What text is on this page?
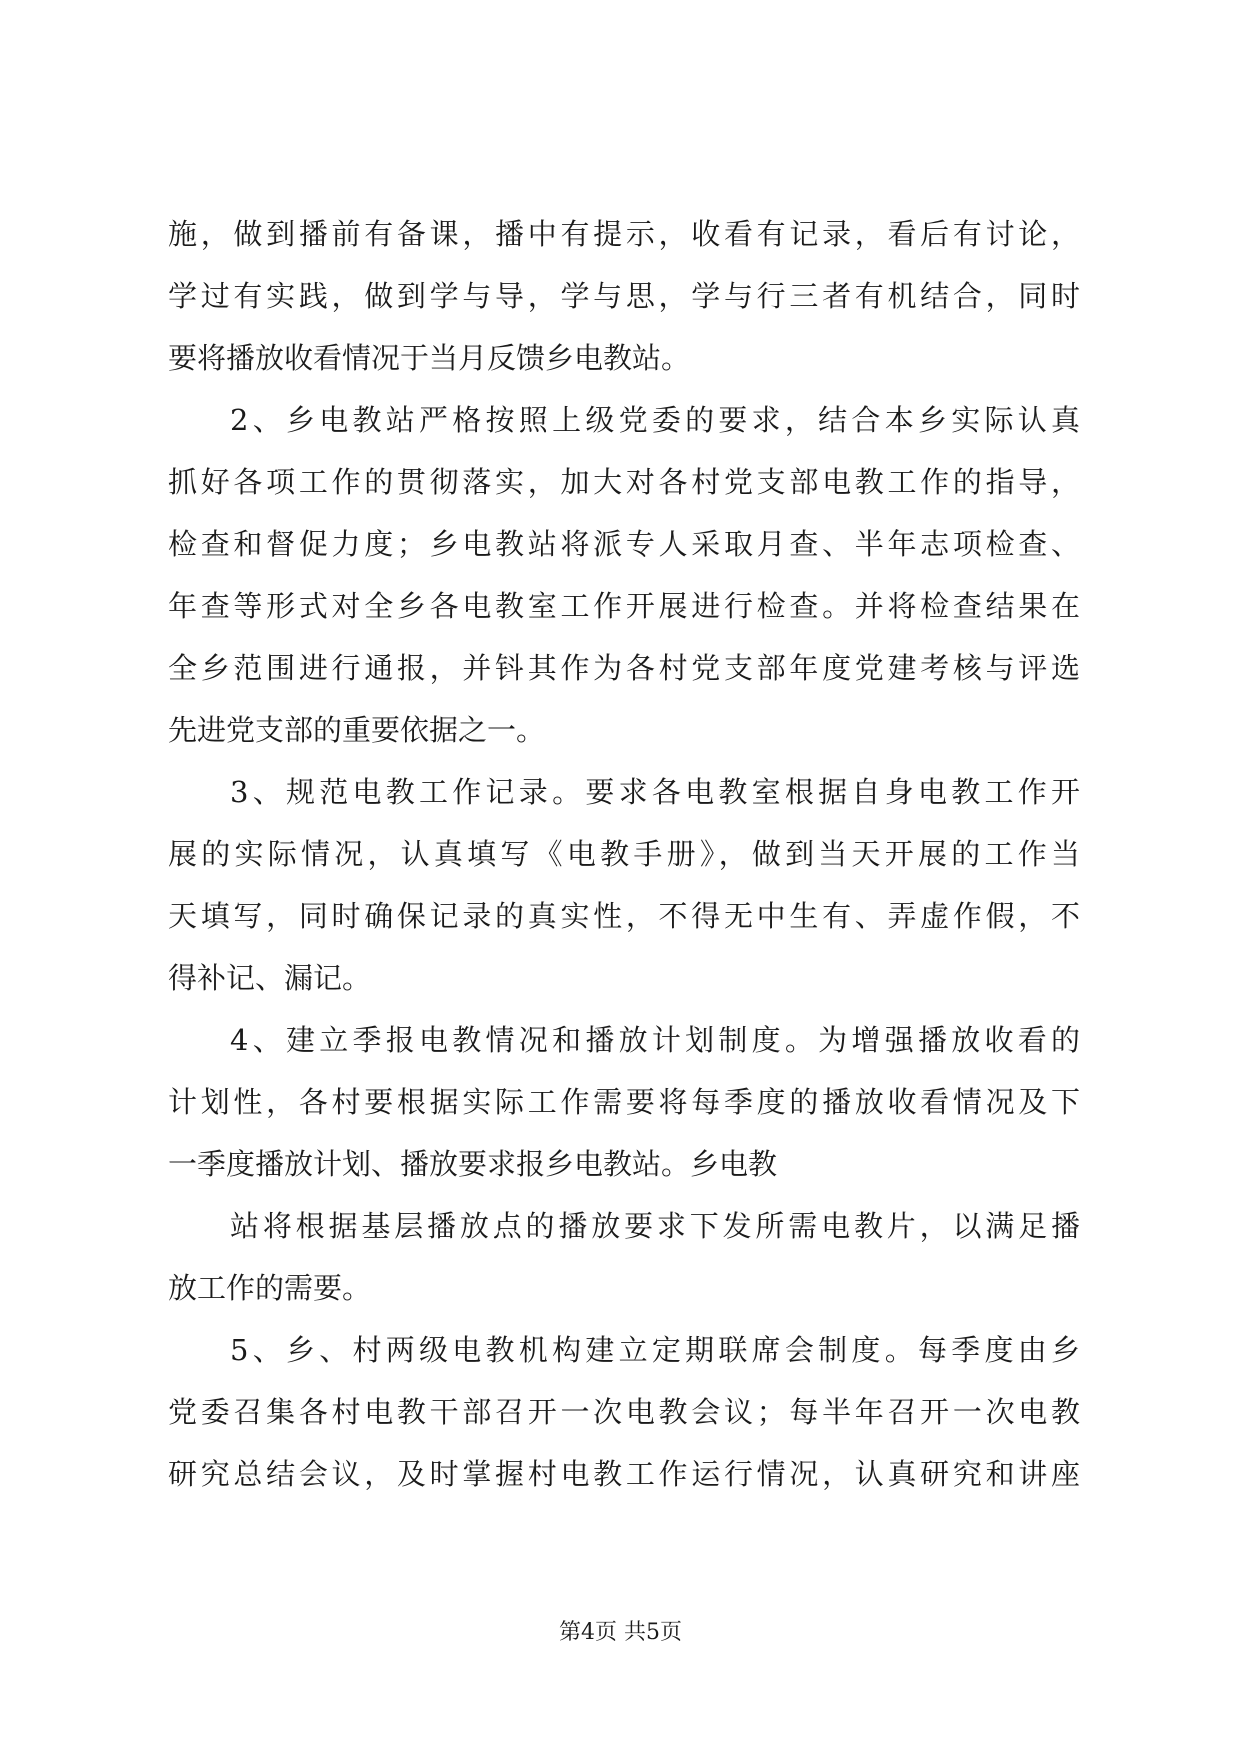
施，做到播前有备课，播中有提示，收看有记录，看后有讨论，
学过有实践，做到学与导，学与思，学与行三者有机结合，同时
要将播放收看情况于当月反馈乡电教站。
2、乡电教站严格按照上级党委的要求，结合本乡实际认真
抓好各项工作的贯彻落实，加大对各村党支部电教工作的指导，
检查和督促力度；乡电教站将派专人采取月查、半年志项检查、
年查等形式对全乡各电教室工作开展进行检查。并将检查结果在
全乡范围进行通报，并钭其作为各村党支部年度党建考核与评选
先进党支部的重要依据之一。
3、规范电教工作记录。要求各电教室根据自身电教工作开
展的实际情况，认真填写《电教手册》，做到当天开展的工作当
天填写，同时确保记录的真实性，不得无中生有、弄虚作假，不
得补记、漏记。
4、建立季报电教情况和播放计划制度。为增强播放收看的
计划性，各村要根据实际工作需要将每季度的播放收看情况及下
一季度播放计划、播放要求报乡电教站。乡电教
站将根据基层播放点的播放要求下发所需电教片，以满足播
放工作的需要。
5、乡、村两级电教机构建立定期联席会制度。每季度由乡
党委召集各村电教干部召开一次电教会议；每半年召开一次电教
研究总结会议，及时掌握村电教工作运行情况，认真研究和讲座
第4页 共5页
